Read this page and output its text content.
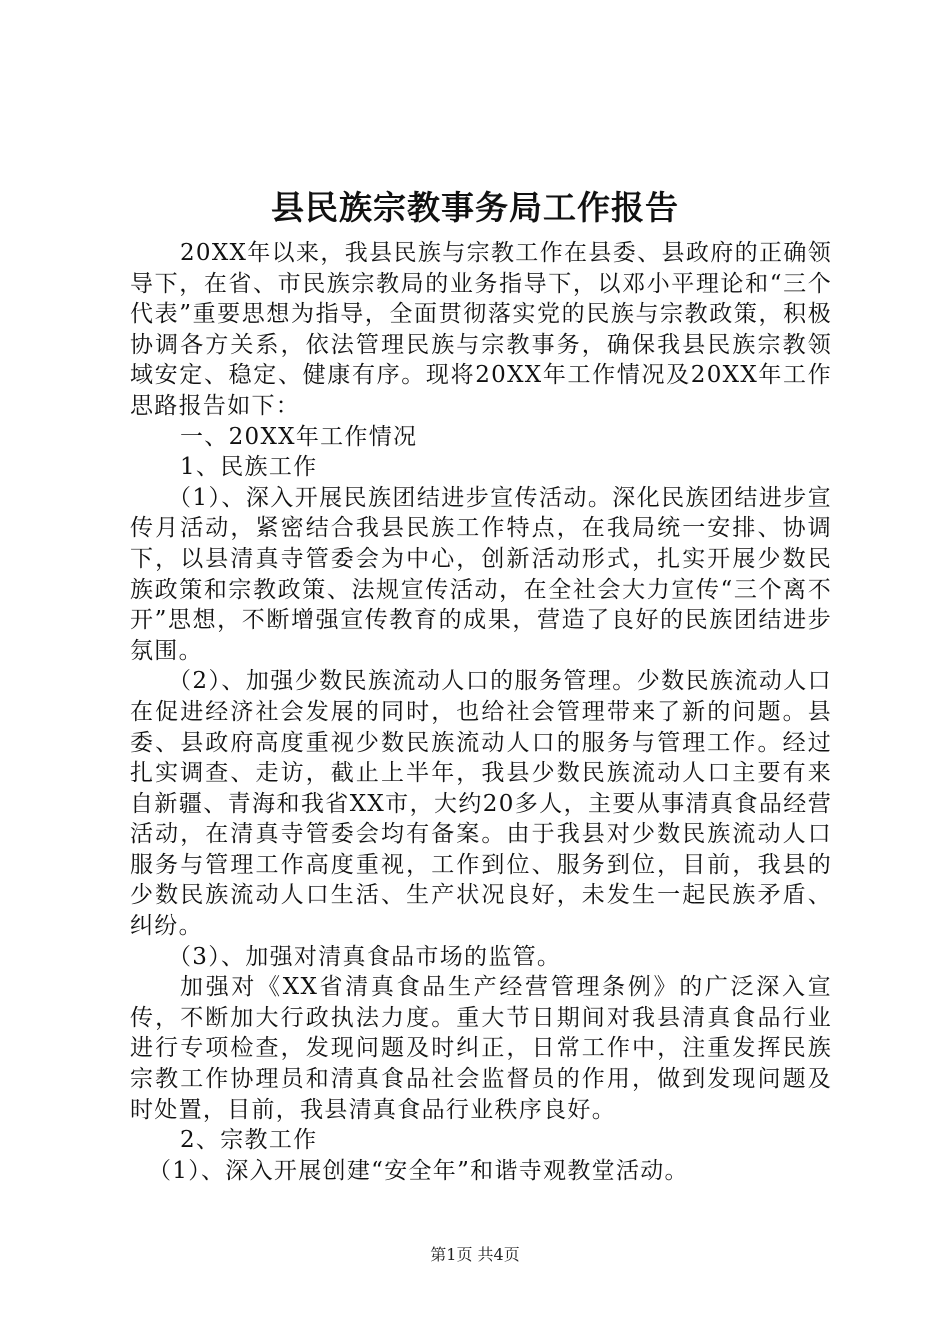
县民族宗教事务局工作报告

20XX年以来，我县民族与宗教工作在县委、县政府的正确领导下，在省、市民族宗教局的业务指导下，以邓小平理论和“三个代表”重要思想为指导，全面贯彻落实党的民族与宗教政策，积极协调各方关系，依法管理民族与宗教事务，确保我县民族宗教领域安定、稳定、健康有序。现将20XX年工作情况及20XX年工作思路报告如下：

一、20XX年工作情况

1、民族工作

（1）、深入开展民族团结进步宣传活动。深化民族团结进步宣传月活动，紧密结合我县民族工作特点，在我局统一安排、协调下，以县清真寺管委会为中心，创新活动形式，扎实开展少数民族政策和宗教政策、法规宣传活动，在全社会大力宣传“三个离不开”思想，不断增强宣传教育的成果，营造了良好的民族团结进步氛围。

（2）、加强少数民族流动人口的服务管理。少数民族流动人口在促进经济社会发展的同时，也给社会管理带来了新的问题。县委、县政府高度重视少数民族流动人口的服务与管理工作。经过扎实调查、走访，截止上半年，我县少数民族流动人口主要有来自新疆、青海和我省XX市，大约20多人，主要从事清真食品经营活动，在清真寺管委会均有备案。由于我县对少数民族流动人口服务与管理工作高度重视，工作到位、服务到位，目前，我县的少数民族流动人口生活、生产状况良好，未发生一起民族矛盾、纠纷。

（3）、加强对清真食品市场的监管。

加强对《XX省清真食品生产经营管理条例》的广泛深入宣传，不断加大行政执法力度。重大节日期间对我县清真食品行业进行专项检查，发现问题及时纠正，日常工作中，注重发挥民族宗教工作协理员和清真食品社会监督员的作用，做到发现问题及时处置，目前，我县清真食品行业秩序良好。

2、宗教工作

（1）、深入开展创建“安全年”和谐寺观教堂活动。

第1页 共4页
